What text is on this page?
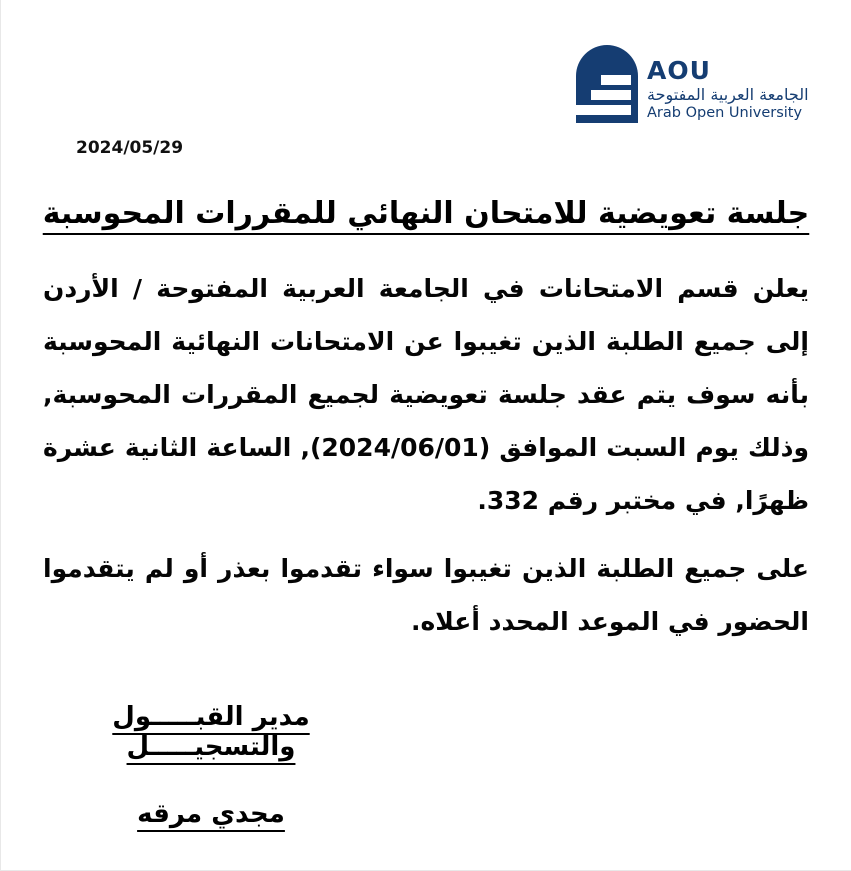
AOU
الجامعة العربية المفتوحة
Arab Open University
2024/05/29
جلسة تعويضية للامتحان النهائي للمقررات المحوسبة

يعلن قسم الامتحانات في الجامعة العربية المفتوحة / الأردن إلى جميع الطلبة الذين تغيبوا عن الامتحانات النهائية المحوسبة بأنه سوف يتم عقد جلسة تعويضية لجميع المقررات المحوسبة, وذلك يوم السبت الموافق (2024/06/01), الساعة الثانية عشرة ظهرًا, في مختبر رقم 332.

على جميع الطلبة الذين تغيبوا سواء تقدموا بعذر أو لم يتقدموا الحضور في الموعد المحدد أعلاه.

مدير القبـــــول والتسجيـــــل
مجدي مرقه
